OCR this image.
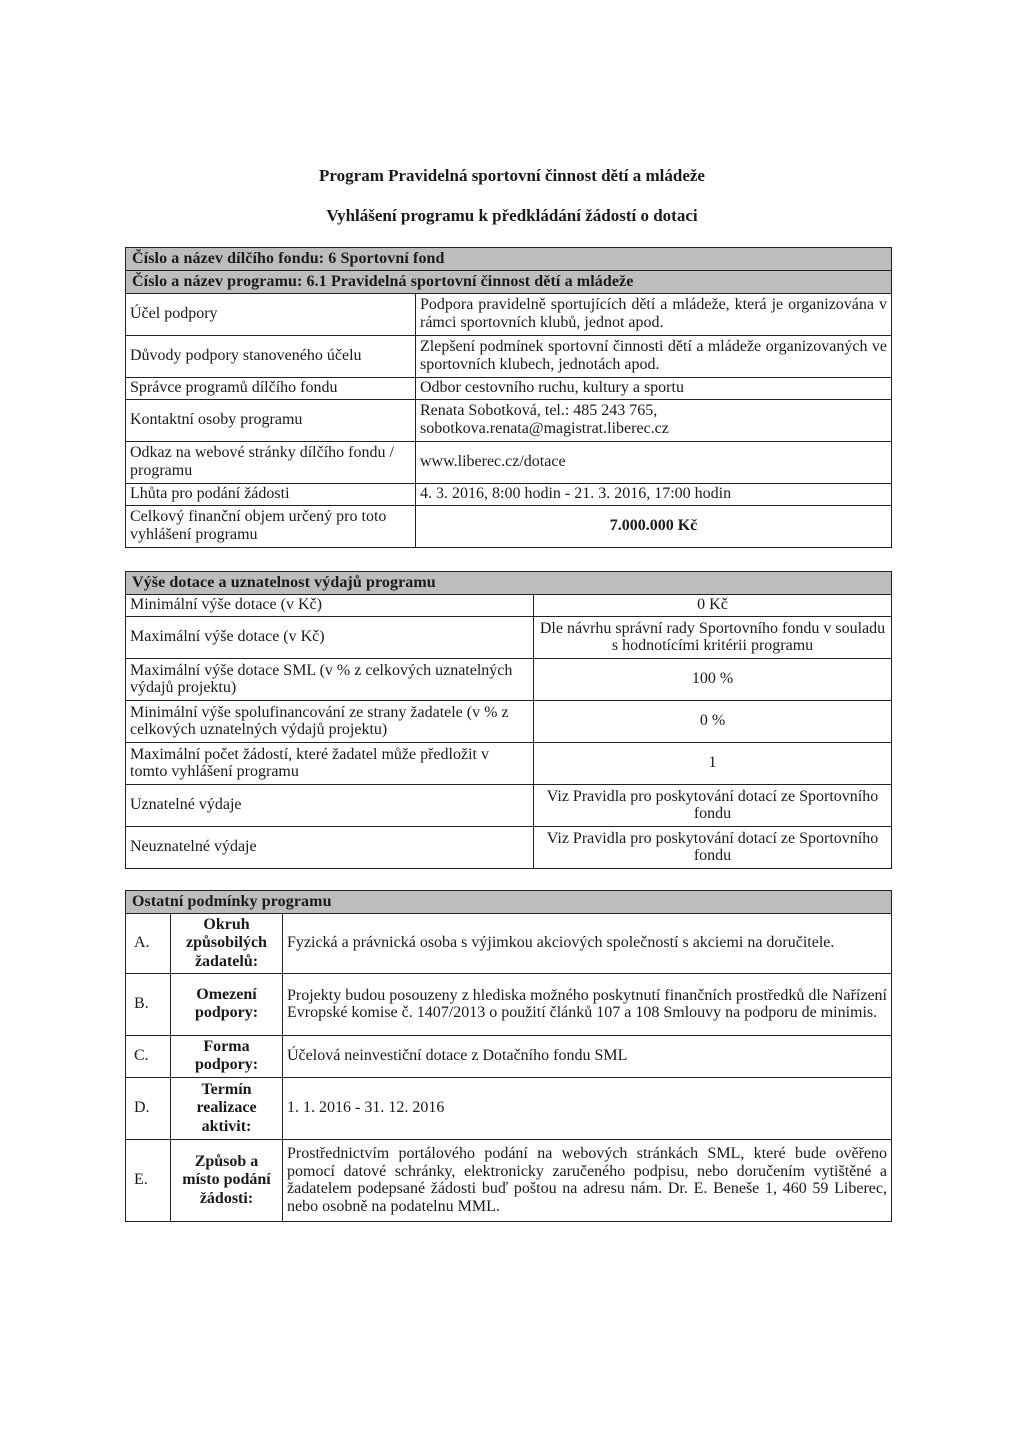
Program Pravidelná sportovní činnost dětí a mládeže
Vyhlášení programu k předkládání žádostí o dotaci
Číslo a název dílčího fondu: 6 Sportovní fond	
Číslo a název programu: 6.1 Pravidelná sportovní činnost dětí a mládeže	
Účel podpory	Podpora pravidelně sportujících dětí a mládeže, která je organizována v rámci sportovních klubů, jednot apod.
Důvody podpory stanoveného účelu	Zlepšení podmínek sportovní činnosti dětí a mládeže organizovaných ve sportovních klubech, jednotách apod.
Správce programů dílčího fondu	Odbor cestovního ruchu, kultury a sportu
Kontaktní osoby programu	Renata Sobotková, tel.: 485 243 765, sobotkova.renata@magistrat.liberec.cz
Odkaz na webové stránky dílčího fondu / programu	www.liberec.cz/dotace
Lhůta pro podání žádosti	4. 3. 2016, 8:00 hodin - 21. 3. 2016, 17:00 hodin
Celkový finanční objem určený pro toto vyhlášení programu	7.000.000 Kč
Výše dotace a uznatelnost výdajů programu	
Minimální výše dotace (v Kč)	0 Kč
Maximální výše dotace (v Kč)	Dle návrhu správní rady Sportovního fondu v souladu s hodnotícími kritérii programu
Maximální výše dotace SML (v % z celkových uznatelných výdajů projektu)	100 %
Minimální výše spolufinancování ze strany žadatele (v % z celkových uznatelných výdajů projektu)	0 %
Maximální počet žádostí, které žadatel může předložit v tomto vyhlášení programu	1
Uznatelné výdaje	Viz Pravidla pro poskytování dotací ze Sportovního fondu
Neuznatelné výdaje	Viz Pravidla pro poskytování dotací ze Sportovního fondu
Ostatní podmínky programu		
A.	Okruh způsobilých žadatelů:	Fyzická a právnická osoba s výjimkou akciových společností s akciemi na doručitele.
B.	Omezení podpory:	Projekty budou posouzeny z hlediska možného poskytnutí finančních prostředků dle Nařízení Evropské komise č. 1407/2013 o použití článků 107 a 108 Smlouvy na podporu de minimis.
C.	Forma podpory:	Účelová neinvestiční dotace z Dotačního fondu SML
D.	Termín realizace aktivit:	1. 1. 2016 - 31. 12. 2016
E.	Způsob a místo podání žádosti:	Prostřednictvím portálového podání na webových stránkách SML, které bude ověřeno pomocí datové schránky, elektronicky zaručeného podpisu, nebo doručením vytištěné a žadatelem podepsané žádosti buď poštou na adresu nám. Dr. E. Beneše 1, 460 59 Liberec, nebo osobně na podatelnu MML.
